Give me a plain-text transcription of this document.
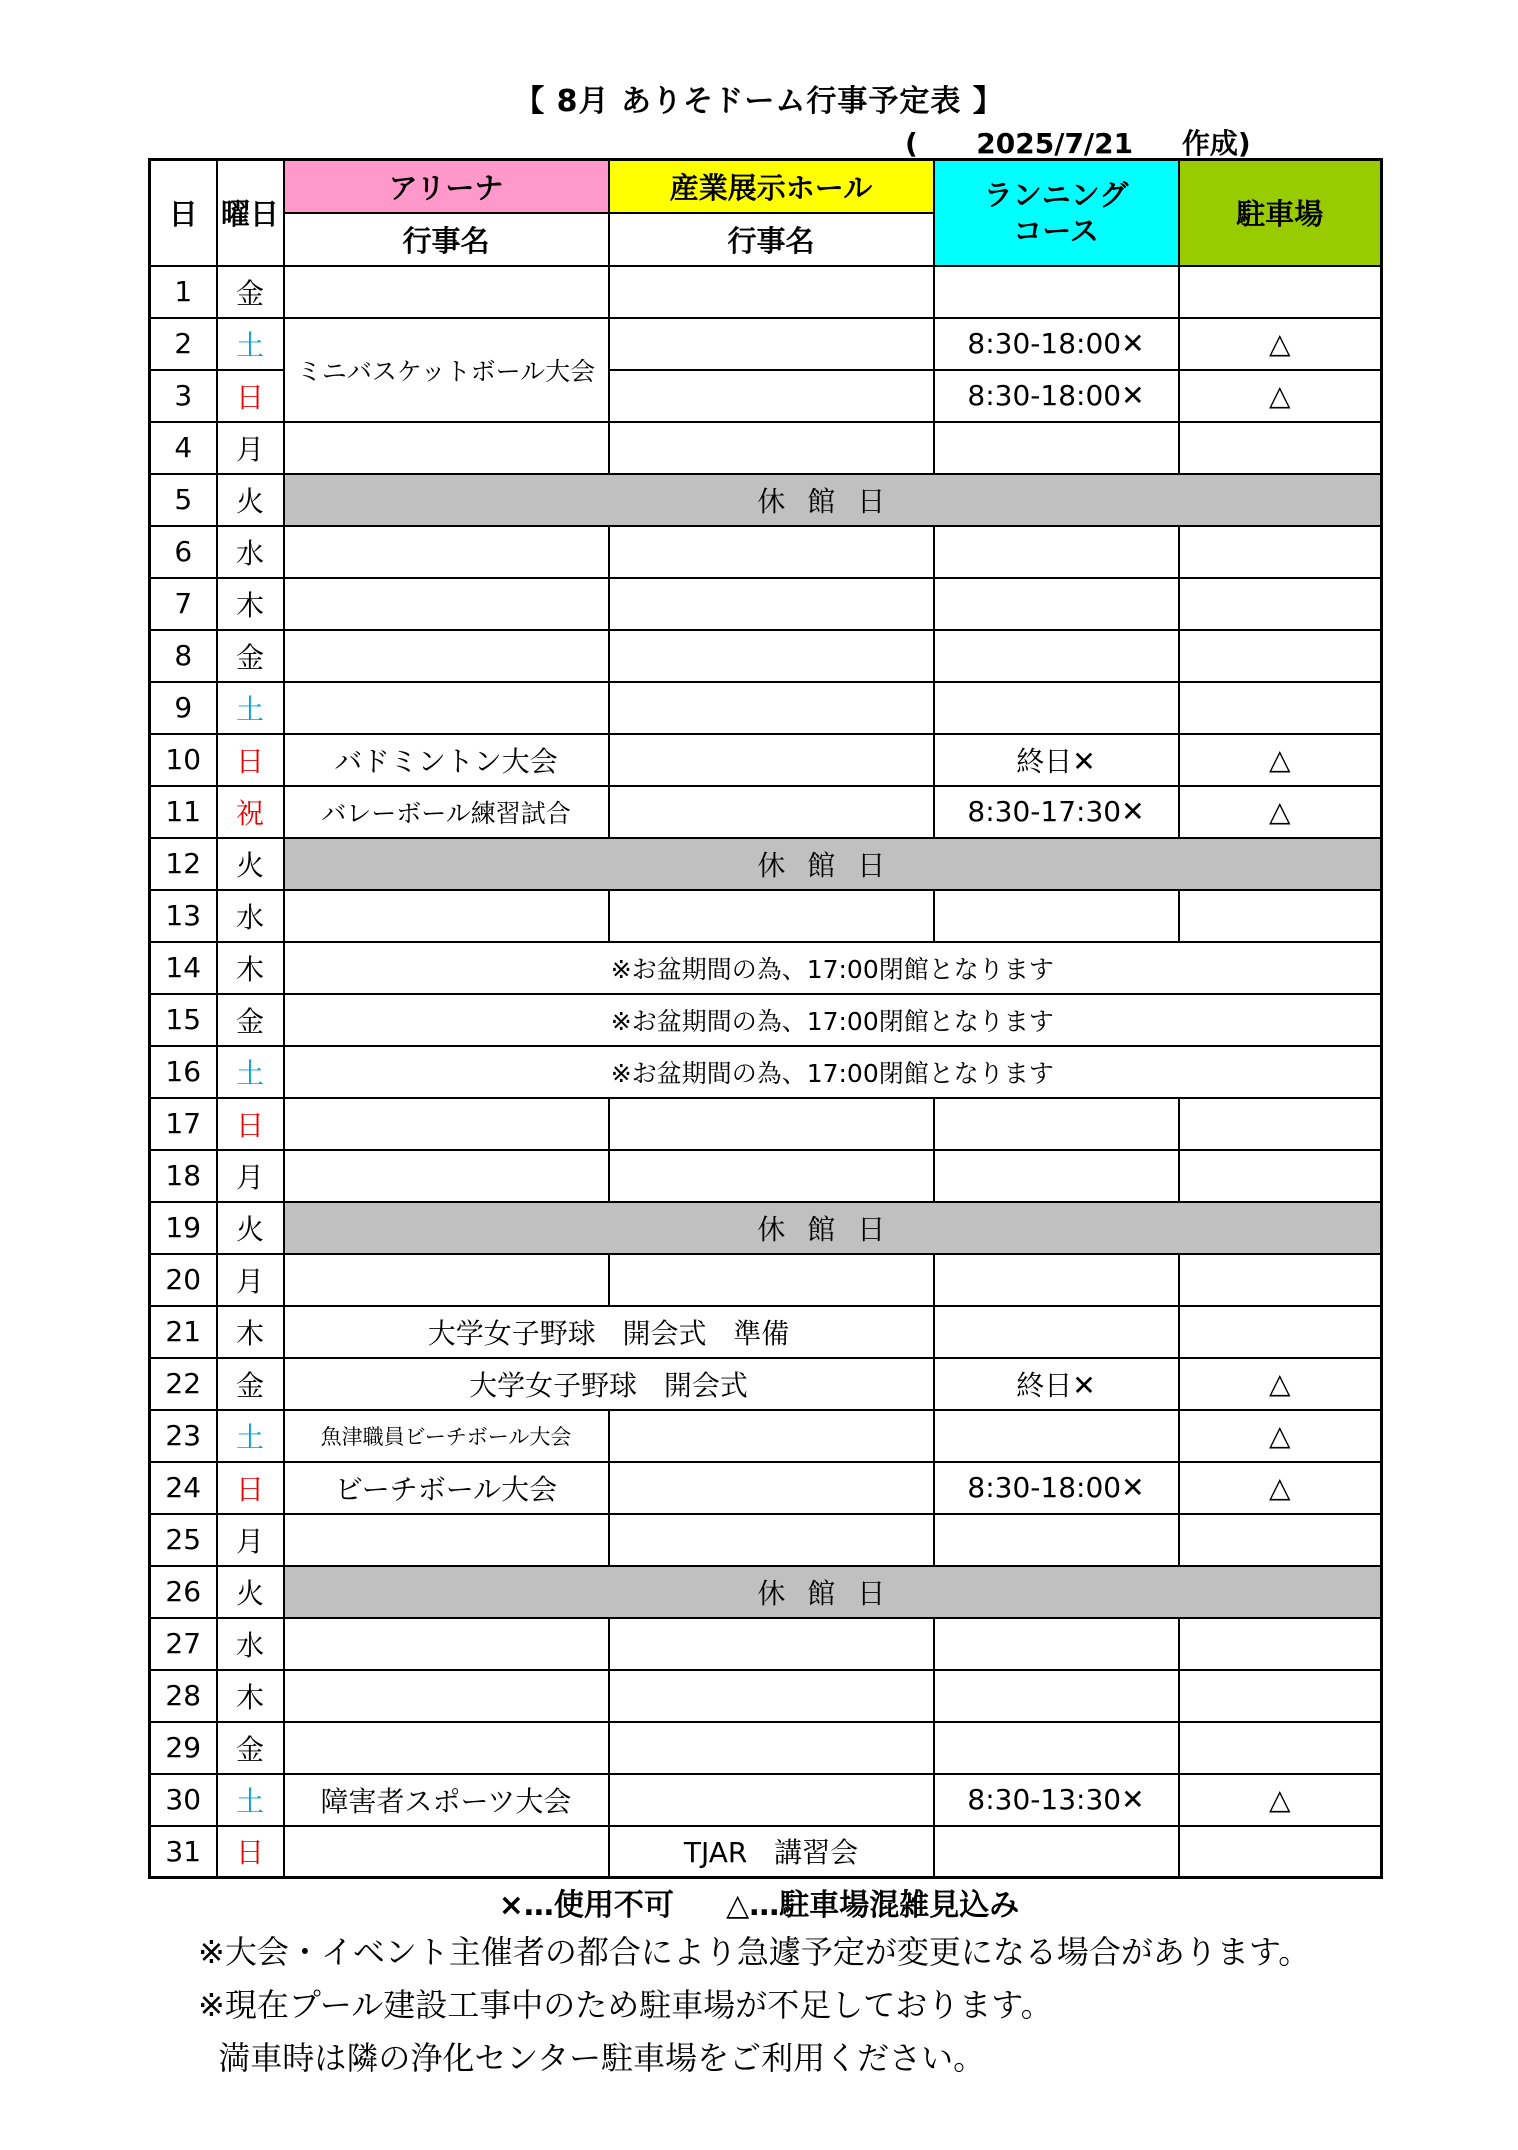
【 8月 ありそドーム行事予定表 】
(      2025/7/21     作成)
日	曜日	アリーナ	産業展示ホール	ランニング
コース	駐車場
		行事名	行事名		
1	金				
2	土	ミニバスケットボール大会		8:30-18:00✕	△
3	日			8:30-18:00✕	△
4	月				
5	火	休館日			
6	水				
7	木				
8	金				
9	土				
10	日	バドミントン大会		終日✕	△
11	祝	バレーボール練習試合		8:30-17:30✕	△
12	火	休館日			
13	水				
14	木	※お盆期間の為、17:00閉館となります			
15	金	※お盆期間の為、17:00閉館となります			
16	土	※お盆期間の為、17:00閉館となります			
17	日				
18	月				
19	火	休館日			
20	月				
21	木	大学女子野球   開会式   準備			
22	金	大学女子野球   開会式		終日✕	△
23	土	魚津職員ビーチボール大会			△
24	日	ビーチボール大会		8:30-18:00✕	△
25	月				
26	火	休館日			
27	水				
28	木				
29	金				
30	土	障害者スポーツ大会		8:30-13:30✕	△
31	日		TJAR   講習会		
×…使用不可     △…駐車場混雑見込み
※大会・イベント主催者の都合により急遽予定が変更になる場合があります。
※現在プール建設工事中のため駐車場が不足しております。
満車時は隣の浄化センター駐車場をご利用ください。
